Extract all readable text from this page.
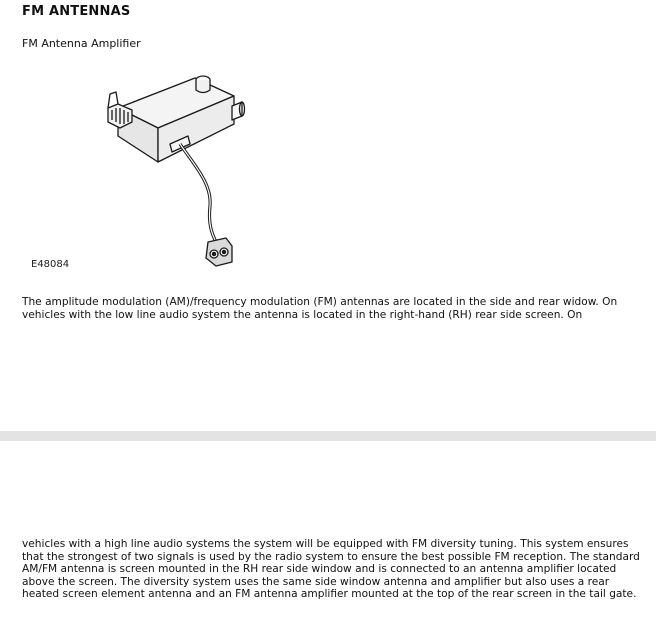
FM ANTENNAS
FM Antenna Amplifier
E48084

The amplitude modulation (AM)/frequency modulation (FM) antennas are located in the side and rear widow. On vehicles with the low line audio system the antenna is located in the right-hand (RH) rear side screen. On

vehicles with a high line audio systems the system will be equipped with FM diversity tuning. This system ensures that the strongest of two signals is used by the radio system to ensure the best possible FM reception. The standard AM/FM antenna is screen mounted in the RH rear side window and is connected to an antenna amplifier located above the screen. The diversity system uses the same side window antenna and amplifier but also uses a rear heated screen element antenna and an FM antenna amplifier mounted at the top of the rear screen in the tail gate.
